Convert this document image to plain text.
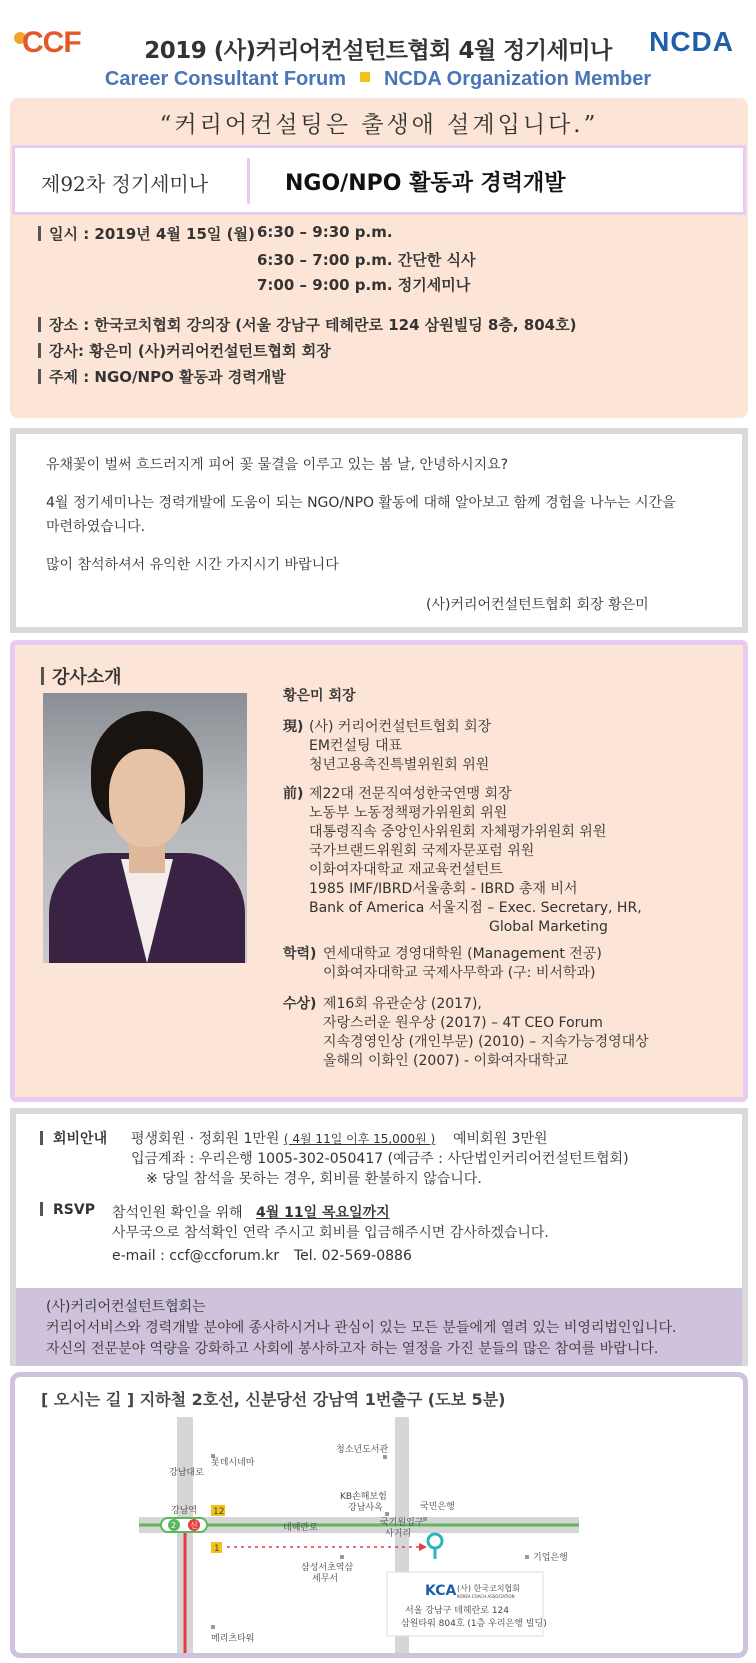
CCF	2019 (사)커리어컨설턴트협회 4월 정기세미나	NCDA
Career Consultant Forum NCDA Organization Member
“커리어컨설팅은 출생애 설계입니다.”
제92차 정기세미나	NGO/NPO 활동과 경력개발
일시 : 2019년 4월 15일 (월) 6:30 – 9:30 p.m.
6:30 – 7:00 p.m. 간단한 식사
7:00 – 9:00 p.m. 정기세미나
장소 : 한국코치협회 강의장 (서울 강남구 테헤란로 124 삼원빌딩 8층, 804호)
강사: 황은미 (사)커리어컨설턴트협회 회장
주제 : NGO/NPO 활동과 경력개발

유채꽃이 벌써 흐드러지게 피어 꽃 물결을 이루고 있는 봄 날, 안녕하시지요?

4월 정기세미나는 경력개발에 도움이 되는 NGO/NPO 활동에 대해 알아보고 함께 경험을 나누는 시간을

마련하였습니다.

많이 참석하셔서 유익한 시간 가지시기 바랍니다

(사)커리어컨설턴트협회 회장 황은미

강사소개
황은미 회장
現) (사) 커리어컨설턴트협회 회장
EM컨설팅 대표
청년고용촉진특별위원회 위원
前) 제22대 전문직여성한국연맹 회장
노동부 노동정책평가위원회 위원
대통령직속 중앙인사위원회 자체평가위원회 위원
국가브랜드위원회 국제자문포럼 위원
이화여자대학교 재교육컨설턴트
1985 IMF/IBRD서울총회 - IBRD 총재 비서
Bank of America 서울지점 – Exec. Secretary, HR,
Global Marketing
학력) 연세대학교 경영대학원 (Management 전공)
이화여자대학교 국제사무학과 (구: 비서학과)
수상) 제16회 유관순상 (2017),
자랑스러운 원우상 (2017) – 4T CEO Forum
지속경영인상 (개인부문) (2010) – 지속가능경영대상
올해의 이화인 (2007) - 이화여자대학교
회비안내 평생회원 · 정회원 1만원 ( 4월 11일 이후 15,000원 ) 예비회원 3만원
입금계좌 : 우리은행 1005-302-050417 (예금주 : 사단법인커리어컨설턴트협회)
※ 당일 참석을 못하는 경우, 회비를 환불하지 않습니다.
RSVP 참석인원 확인을 위해 4월 11일 목요일까지
사무국으로 참석확인 연락 주시고 회비를 입금해주시면 감사하겠습니다.
e-mail : ccf@ccforum.kr Tel. 02-569-0886

(사)커리어컨설턴트협회는

커리어서비스와 경력개발 분야에 종사하시거나 관심이 있는 모든 분들에게 열려 있는 비영리법인입니다.

자신의 전문분야 역량을 강화하고 사회에 봉사하고자 하는 열정을 가진 분들의 많은 참여를 바랍니다.

[ 오시는 길 ] 지하철 2호선, 신분당선 강남역 1번출구 (도보 5분)
2 신
강남대로
롯데시네마
청소년도서관
KB손해보험
강남사옥	국민은행
강남역 12
테헤란로	국기원입구
사거리
1
기업은행
삼성서초역삼
세무서
KCA (사) 한국코치협회
KOREA COACH ASSOCIATION
서울 강남구 테헤란로 124
삼원타워 804호 (1층 우리은행 빌딩)
메리츠타워
